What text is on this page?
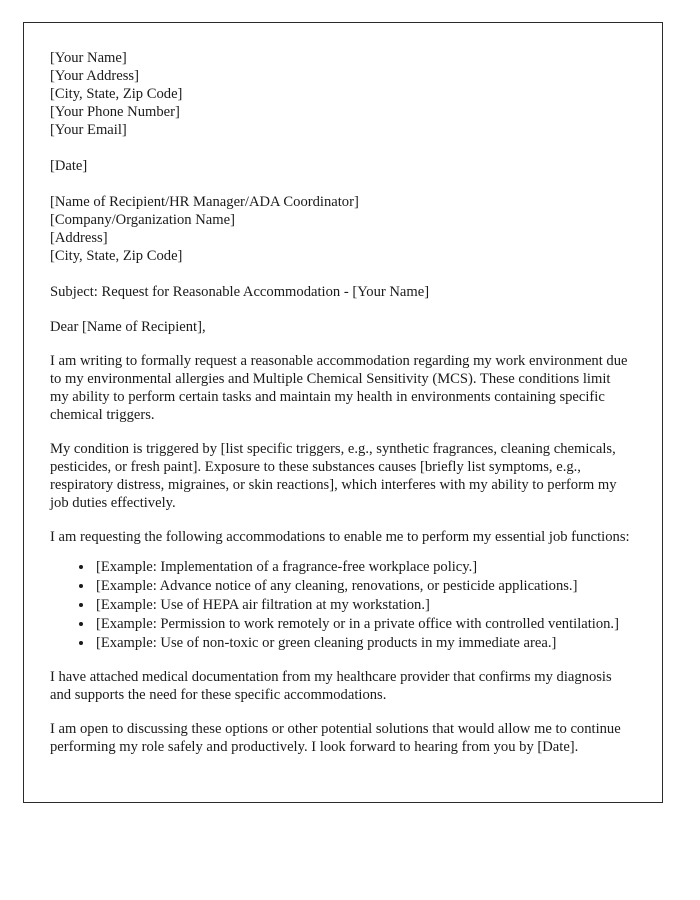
[Your Name]
[Your Address]
[City, State, Zip Code]
[Your Phone Number]
[Your Email]
[Date]
[Name of Recipient/HR Manager/ADA Coordinator]
[Company/Organization Name]
[Address]
[City, State, Zip Code]
Subject: Request for Reasonable Accommodation - [Your Name]
Dear [Name of Recipient],

I am writing to formally request a reasonable accommodation regarding my work environment due to my environmental allergies and Multiple Chemical Sensitivity (MCS). These conditions limit my ability to perform certain tasks and maintain my health in environments containing specific chemical triggers.

My condition is triggered by [list specific triggers, e.g., synthetic fragrances, cleaning chemicals, pesticides, or fresh paint]. Exposure to these substances causes [briefly list symptoms, e.g., respiratory distress, migraines, or skin reactions], which interferes with my ability to perform my job duties effectively.

I am requesting the following accommodations to enable me to perform my essential job functions:

• [Example: Implementation of a fragrance-free workplace policy.]
• [Example: Advance notice of any cleaning, renovations, or pesticide applications.]
• [Example: Use of HEPA air filtration at my workstation.]
• [Example: Permission to work remotely or in a private office with controlled ventilation.]
• [Example: Use of non-toxic or green cleaning products in my immediate area.]

I have attached medical documentation from my healthcare provider that confirms my diagnosis and supports the need for these specific accommodations.

I am open to discussing these options or other potential solutions that would allow me to continue performing my role safely and productively. I look forward to hearing from you by [Date].
